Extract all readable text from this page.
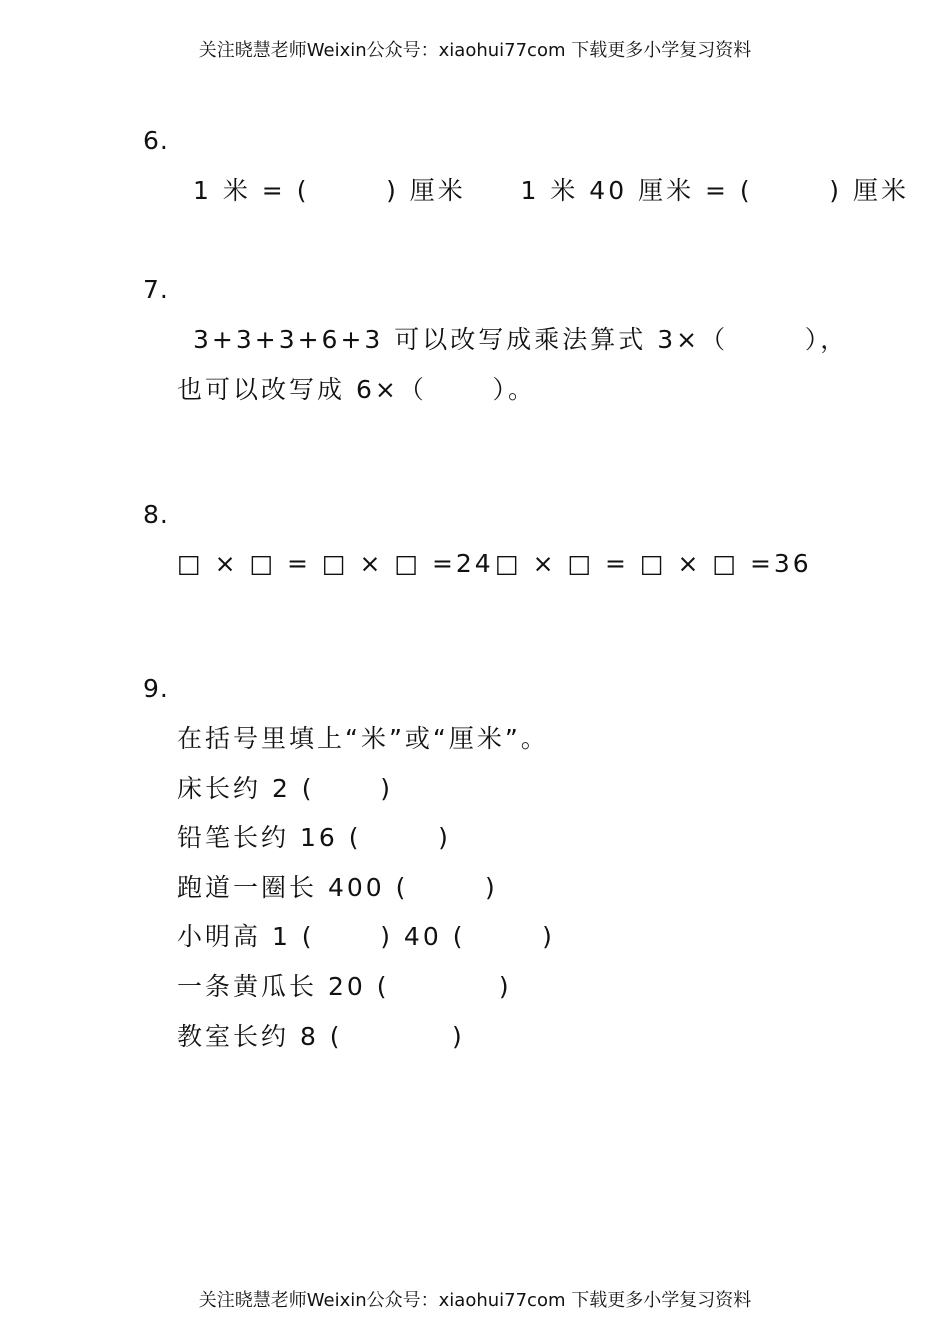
关注晓慧老师Weixin公众号：xiaohui77com 下载更多小学复习资料
6.
1 米 = (       ) 厘米     1 米 40 厘米 = (       ) 厘米
7.
3+3+3+6+3 可以改写成乘法算式 3×（       ），
也可以改写成 6×（      ）。
8.
□ × □ = □ × □ =24 □ × □ = □ × □ =36
9.
在括号里填上“米”或“厘米”。
床长约 2 (      )
铅笔长约 16 (       )
跑道一圈长 400 (       )
小明高 1 (      ) 40 (       )
一条黄瓜长 20 (          )
教室长约 8 (          )
关注晓慧老师Weixin公众号：xiaohui77com 下载更多小学复习资料
